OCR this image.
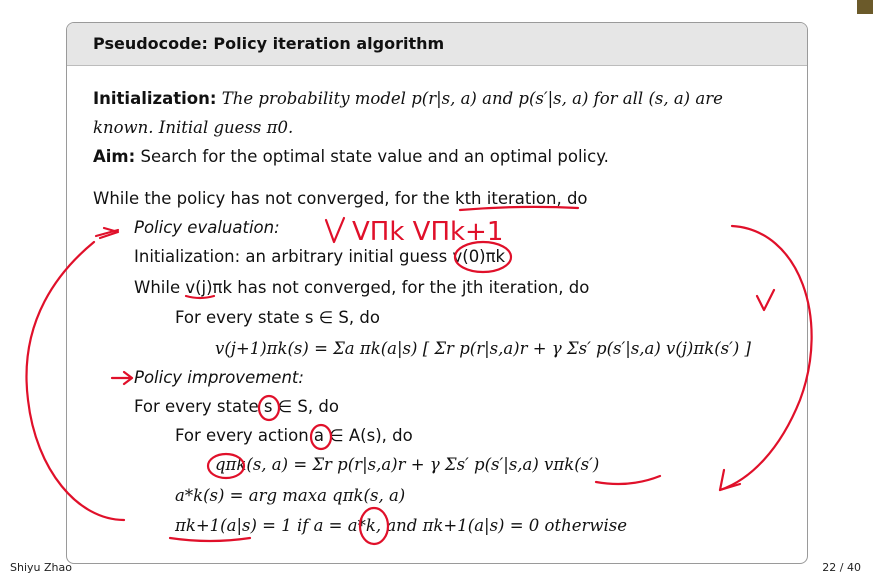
Pseudocode: Policy iteration algorithm
Initialization: The probability model p(r|s, a) and p(s′|s, a) for all (s, a) are
known. Initial guess π0.
Aim: Search for the optimal state value and an optimal policy.
While the policy has not converged, for the kth iteration, do
Policy evaluation:
Initialization: an arbitrary initial guess v(0)πk
While v(j)πk has not converged, for the jth iteration, do
For every state s ∈ S, do
v(j+1)πk(s) = Σa πk(a|s) [ Σr p(r|s,a)r + γ Σs′ p(s′|s,a) v(j)πk(s′) ]
Policy improvement:
For every state s ∈ S, do
For every action a ∈ A(s), do
qπk(s, a) = Σr p(r|s,a)r + γ Σs′ p(s′|s,a) vπk(s′)
a*k(s) = arg maxa qπk(s, a)
πk+1(a|s) = 1 if a = a*k, and πk+1(a|s) = 0 otherwise
VΠk VΠk+1
Shiyu Zhao	22 / 40
